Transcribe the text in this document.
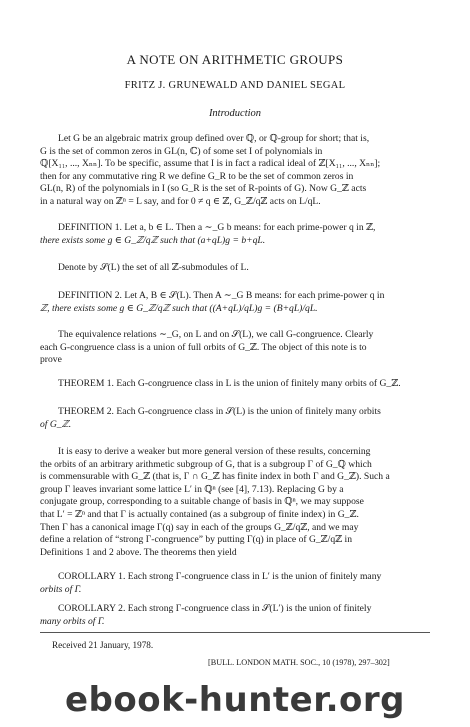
A NOTE ON ARITHMETIC GROUPS
FRITZ J. GRUNEWALD AND DANIEL SEGAL
Introduction
Let G be an algebraic matrix group defined over ℚ, or ℚ-group for short; that is,
G is the set of common zeros in GL(n, ℂ) of some set I of polynomials in
ℚ[X₁₁, ..., Xₙₙ]. To be specific, assume that I is in fact a radical ideal of ℤ[X₁₁, ..., Xₙₙ];
then for any commutative ring R we define G_R to be the set of common zeros in
GL(n, R) of the polynomials in I (so G_R is the set of R-points of G). Now G_ℤ acts
in a natural way on ℤⁿ = L say, and for 0 ≠ q ∈ ℤ, G_ℤ/qℤ acts on L/qL.
DEFINITION 1. Let a, b ∈ L. Then a ∼_G b means: for each prime-power q in ℤ,
there exists some g ∈ G_ℤ/qℤ such that (a+qL)g = b+qL.
Denote by 𝒮(L) the set of all ℤ-submodules of L.
DEFINITION 2. Let A, B ∈ 𝒮(L). Then A ∼_G B means: for each prime-power q in
ℤ, there exists some g ∈ G_ℤ/qℤ such that ((A+qL)/qL)g = (B+qL)/qL.
The equivalence relations ∼_G, on L and on 𝒮(L), we call G-congruence. Clearly
each G-congruence class is a union of full orbits of G_ℤ. The object of this note is to
prove
THEOREM 1. Each G-congruence class in L is the union of finitely many orbits of G_ℤ.
THEOREM 2. Each G-congruence class in 𝒮(L) is the union of finitely many orbits
of G_ℤ.
It is easy to derive a weaker but more general version of these results, concerning
the orbits of an arbitrary arithmetic subgroup of G, that is a subgroup Γ of G_ℚ which
is commensurable with G_ℤ (that is, Γ ∩ G_ℤ has finite index in both Γ and G_ℤ). Such a
group Γ leaves invariant some lattice L′ in ℚⁿ (see [4], 7.13). Replacing G by a
conjugate group, corresponding to a suitable change of basis in ℚⁿ, we may suppose
that L′ = ℤⁿ and that Γ is actually contained (as a subgroup of finite index) in G_ℤ.
Then Γ has a canonical image Γ(q) say in each of the groups G_ℤ/qℤ, and we may
define a relation of “strong Γ-congruence” by putting Γ(q) in place of G_ℤ/qℤ in
Definitions 1 and 2 above. The theorems then yield
COROLLARY 1. Each strong Γ-congruence class in L′ is the union of finitely many
orbits of Γ.
COROLLARY 2. Each strong Γ-congruence class in 𝒮(L′) is the union of finitely
many orbits of Γ.
Received 21 January, 1978.
[BULL. LONDON MATH. SOC., 10 (1978), 297–302]
ebook-hunter.org
